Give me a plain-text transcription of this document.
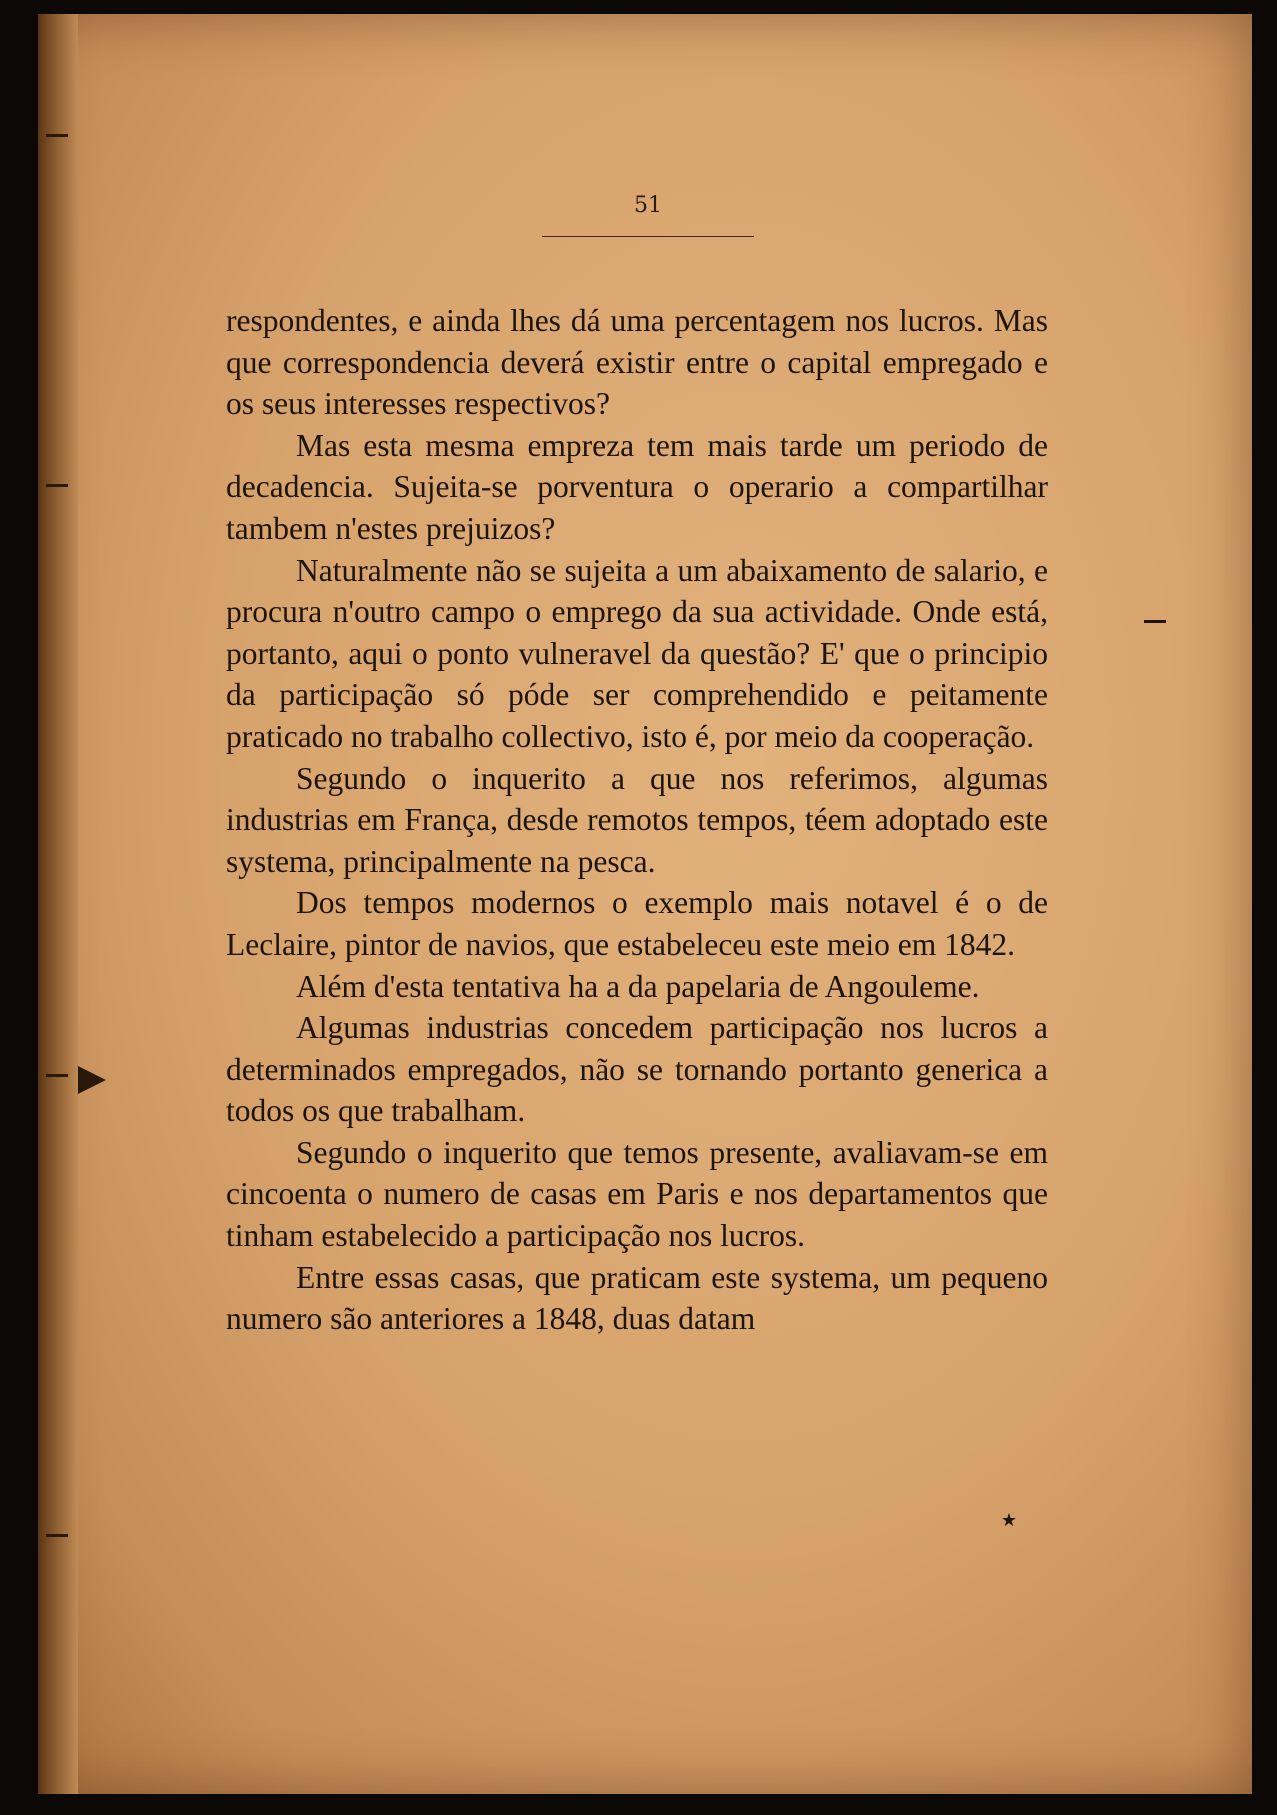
51

respondentes, e ainda lhes dá uma percentagem nos lucros. Mas que correspondencia deverá existir entre o capital empregado e os seus interesses respectivos?

Mas esta mesma empreza tem mais tarde um periodo de decadencia. Sujeita-se porventura o operario a compartilhar tambem n'estes prejuizos?

Naturalmente não se sujeita a um abaixamento de salario, e procura n'outro campo o emprego da sua actividade. Onde está, portanto, aqui o ponto vulneravel da questão? E' que o principio da participação só póde ser comprehendido e peitamente praticado no trabalho collectivo, isto é, por meio da cooperação.

Segundo o inquerito a que nos referimos, algumas industrias em França, desde remotos tempos, téem adoptado este systema, principalmente na pesca.

Dos tempos modernos o exemplo mais notavel é o de Leclaire, pintor de navios, que estabeleceu este meio em 1842.

Além d'esta tentativa ha a da papelaria de Angouleme.

Algumas industrias concedem participação nos lucros a determinados empregados, não se tornando portanto generica a todos os que trabalham.

Segundo o inquerito que temos presente, avaliavam-se em cincoenta o numero de casas em Paris e nos departamentos que tinham estabelecido a participação nos lucros.

Entre essas casas, que praticam este systema, um pequeno numero são anteriores a 1848, duas datam

★
